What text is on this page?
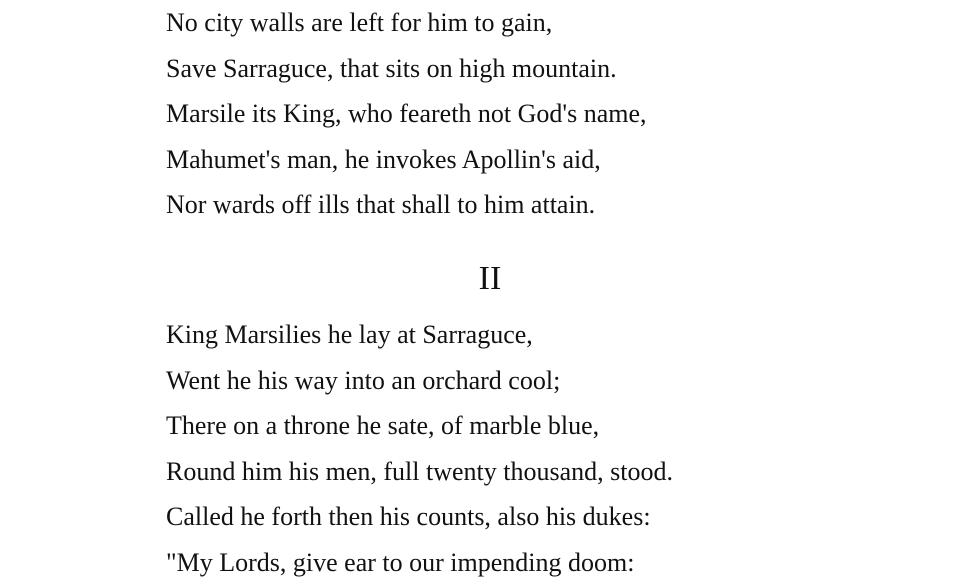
No city walls are left for him to gain,
Save Sarraguce, that sits on high mountain.
Marsile its King, who feareth not God's name,
Mahumet's man, he invokes Apollin's aid,
Nor wards off ills that shall to him attain.
II
King Marsilies he lay at Sarraguce,
Went he his way into an orchard cool;
There on a throne he sate, of marble blue,
Round him his men, full twenty thousand, stood.
Called he forth then his counts, also his dukes:
"My Lords, give ear to our impending doom:
